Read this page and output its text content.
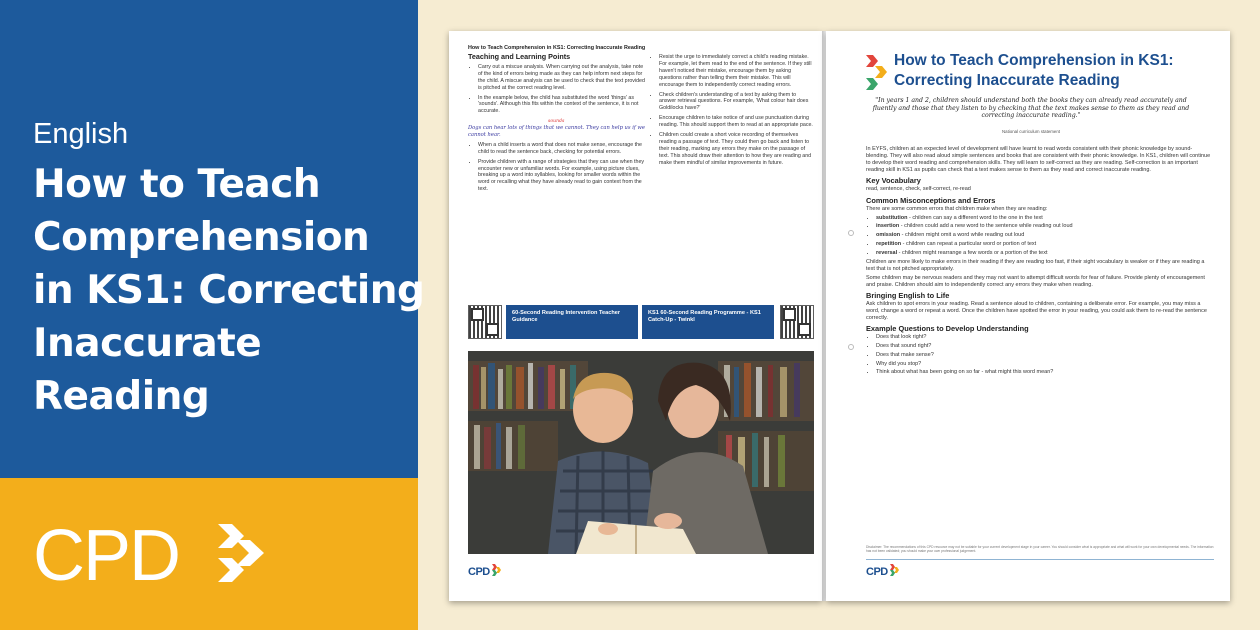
English
How to Teach
Comprehension
in KS1: Correcting
Inaccurate
Reading
CPD
How to Teach Comprehension in KS1: Correcting Inaccurate Reading
Teaching and Learning Points
• Carry out a miscue analysis. When carrying out the analysis, take note of the kind of errors being made as they can help inform next steps for the child. A miscue analysis can be used to check that the text provided is pitched at the correct reading level.
• In the example below, the child has substituted the word 'things' as 'sounds'. Although this fits within the context of the sentence, it is not accurate.
sounds
Dogs can hear lots of things that we cannot. They can help us if we cannot hear.
• When a child inserts a word that does not make sense, encourage the child to read the sentence back, checking for potential errors.
• Provide children with a range of strategies that they can use when they encounter new or unfamiliar words. For example, using picture clues, breaking up a word into syllables, looking for smaller words within the word or recalling what they have already read to gain context from the text.
• Resist the urge to immediately correct a child's reading mistake. For example, let them read to the end of the sentence. If they still haven't noticed their mistake, encourage them by asking questions rather than telling them their mistake. This will encourage them to independently correct reading errors.
• Check children's understanding of a text by asking them to answer retrieval questions. For example, 'What colour hair does Goldilocks have?'
• Encourage children to take notice of and use punctuation during reading. This should support them to read at an appropriate pace.
• Children could create a short voice recording of themselves reading a passage of text. They could then go back and listen to their reading, marking any errors they make on the passage of text. This should draw their attention to how they are reading and make them mindful of similar improvements in future.
60-Second Reading Intervention Teacher Guidance
KS1 60-Second Reading Programme - KS1 Catch-Up - Twinkl
CPD
How to Teach Comprehension in KS1: Correcting Inaccurate Reading
"In years 1 and 2, children should understand both the books they can already read accurately and fluently and those that they listen to by checking that the text makes sense to them as they read and correcting inaccurate reading."
National curriculum statement

In EYFS, children at an expected level of development will have learnt to read words consistent with their phonic knowledge by sound-blending. They will also read aloud simple sentences and books that are consistent with their phonic knowledge. In KS1, children will continue to develop their word reading and comprehension skills. They will learn to self-correct as they are reading. Self-correction is an important reading skill in KS1 as pupils can check that a text makes sense to them as they read and correct inaccurate reading.

Key Vocabulary

read, sentence, check, self-correct, re-read

Common Misconceptions and Errors

There are some common errors that children make when they are reading:

• substitution - children can say a different word to the one in the text
• insertion - children could add a new word to the sentence while reading out loud
• omission - children might omit a word while reading out loud
• repetition - children can repeat a particular word or portion of text
• reversal - children might rearrange a few words or a portion of the text

Children are more likely to make errors in their reading if they are reading too fast, if their sight vocabulary is weaker or if they are reading a text that is not pitched appropriately.

Some children may be nervous readers and they may not want to attempt difficult words for fear of failure. Provide plenty of encouragement and praise. Children should aim to independently correct any errors they make when reading.

Bringing English to Life

Ask children to spot errors in your reading. Read a sentence aloud to children, containing a deliberate error. For example, you may miss a word, change a word or repeat a word. Once the children have spotted the error in your reading, you could ask them to re-read the sentence correctly.

Example Questions to Develop Understanding
• Does that look right?
• Does that sound right?
• Does that make sense?
• Why did you stop?
• Think about what has been going on so far - what might this word mean?
Disclaimer: The recommendations of this CPD resource may not be suitable for your current development stage in your career. You should consider what is appropriate and what will work for your own developmental needs. The information has not been validated; you should make your own professional judgement.
CPD
